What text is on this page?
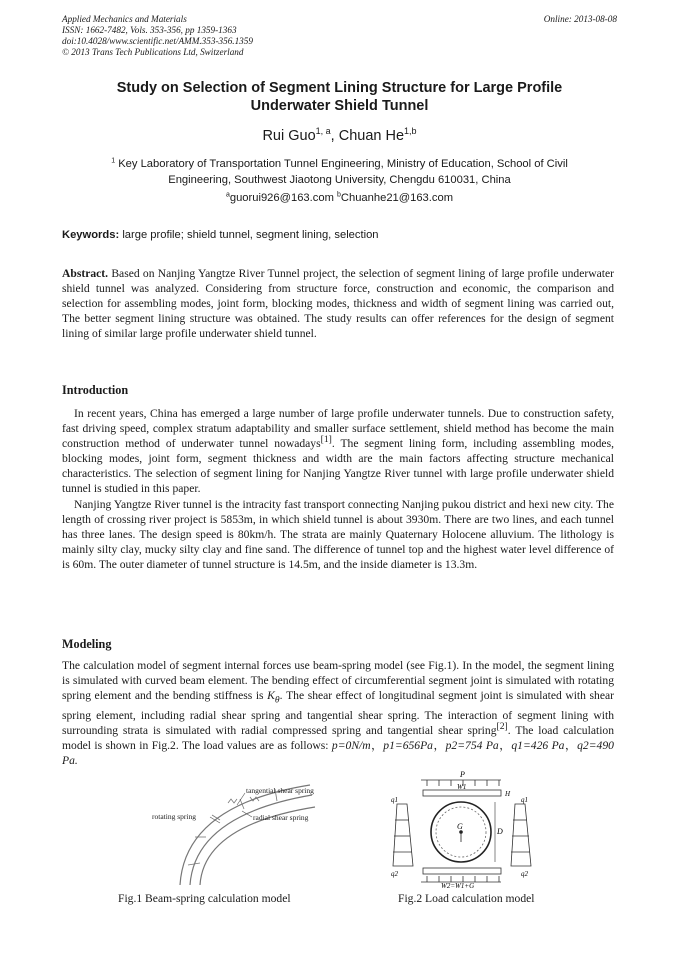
Applied Mechanics and Materials
ISSN: 1662-7482, Vols. 353-356, pp 1359-1363
doi:10.4028/www.scientific.net/AMM.353-356.1359
© 2013 Trans Tech Publications Ltd, Switzerland
Online: 2013-08-08
Study on Selection of Segment Lining Structure for Large Profile
Underwater Shield Tunnel
Rui Guo$^{1, a}$, Chuan He$^{1,b}$
$^1$ Key Laboratory of Transportation Tunnel Engineering, Ministry of Education, School of Civil
Engineering, Southwest Jiaotong University, Chengdu 610031, China
$^a$guorui926@163.com $^b$Chuanhe21@163.com
Keywords: large profile; shield tunnel, segment lining, selection

Abstract. Based on Nanjing Yangtze River Tunnel project, the selection of segment lining of large profile underwater shield tunnel was analyzed. Considering from structure force, construction and economic, the comparison and selection for assembling modes, joint form, blocking modes, thickness and width of segment lining was carried out, The better segment lining structure was obtained. The study results can offer references for the design of segment lining of similar large profile underwater shield tunnel.

Introduction

In recent years, China has emerged a large number of large profile underwater tunnels. Due to construction safety, fast driving speed, complex stratum adaptability and smaller surface settlement, shield method has become the main construction method of underwater tunnel nowadays[1]. The segment lining form, including assembling modes, blocking modes, joint form, segment thickness and width are the main factors affecting structure mechanical characteristics. The selection of segment lining for Nanjing Yangtze River tunnel with large profile underwater shield tunnel is studied in this paper.

Nanjing Yangtze River tunnel is the intracity fast transport connecting Nanjing pukou district and hexi new city. The length of crossing river project is 5853m, in which shield tunnel is about 3930m. There are two lines, and each tunnel has three lanes. The design speed is 80km/h. The strata are mainly Quaternary Holocene alluvium. The lithology is mainly silty clay, mucky silty clay and fine sand. The difference of tunnel top and the highest water level difference of is 60m. The outer diameter of tunnel structure is 14.5m, and the inside diameter is 13.3m.

Modeling

The calculation model of segment internal forces use beam-spring model (see Fig.1). In the model, the segment lining is simulated with curved beam element. The bending effect of circumferential segment joint is simulated with rotating spring element and the bending stiffness is $K_\theta$. The shear effect of longitudinal segment joint is simulated with shear spring element, including radial shear spring and tangential shear spring. The interaction of segment lining with surrounding strata is simulated with radial compressed spring and tangential shear spring[2]. The load calculation model is shown in Fig.2. The load values are as follows: p=0N/m，p1=656Pa，p2=754 Pa，q1=426 Pa，q2=490 Pa.

tangential shear spring
rotating spring	radial shear spring
P
W1
H
q1
q2
q1
q2
G
D
W2=W1+G
Fig.1 Beam-spring calculation model	Fig.2 Load calculation model
